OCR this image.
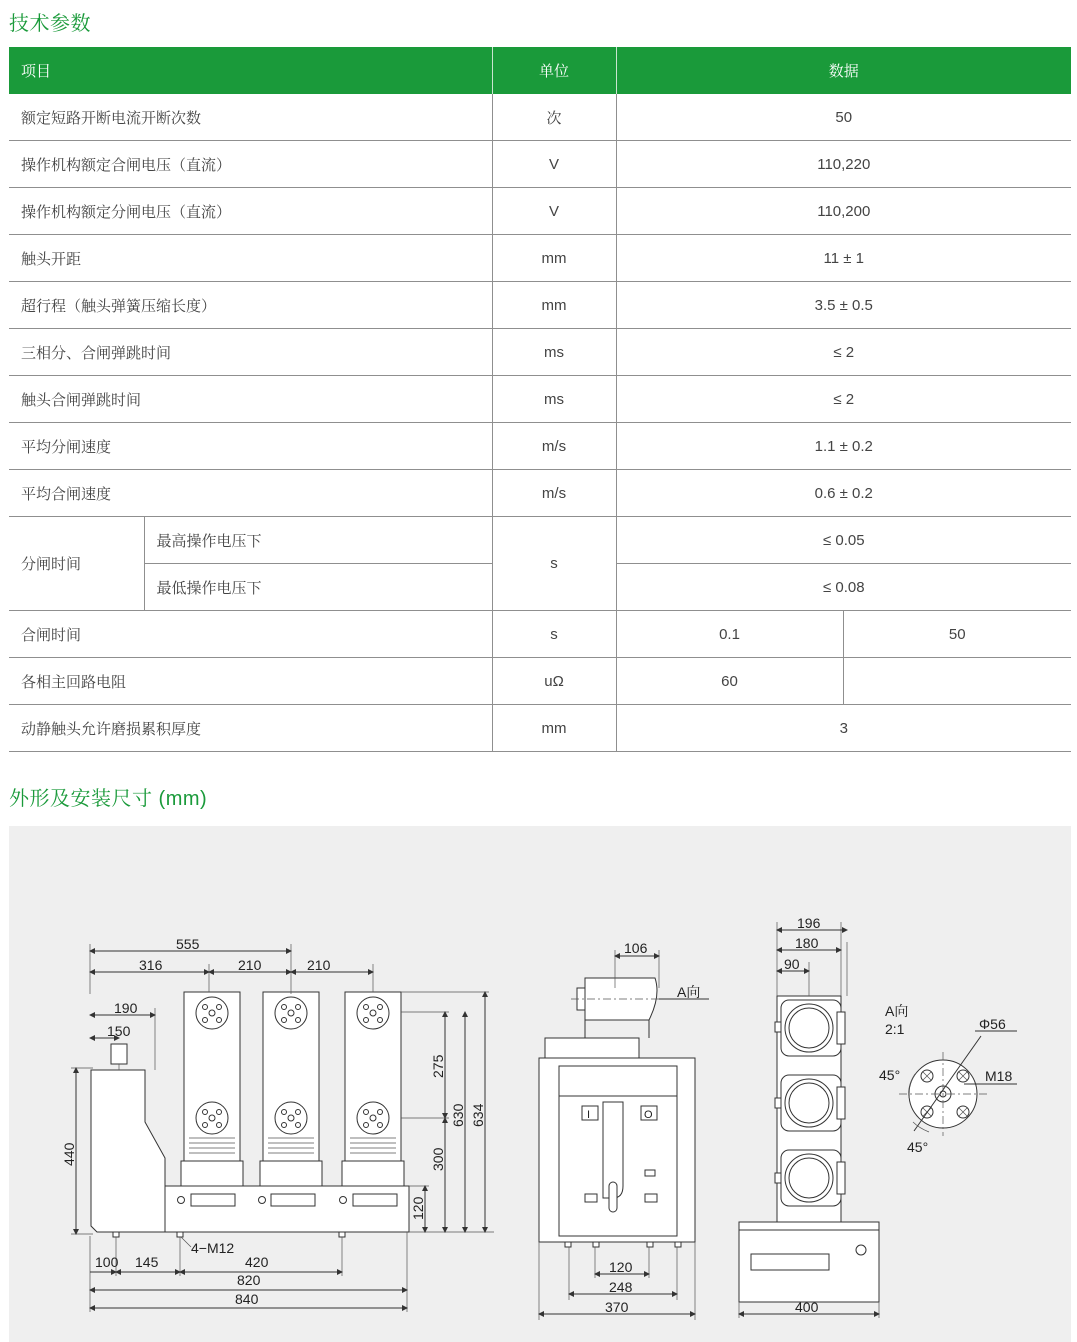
技术参数
项目		单位	数据	
额定短路开断电流开断次数		次	50	
操作机构额定合闸电压（直流）		V	110,220	
操作机构额定分闸电压（直流）		V	110,200	
触头开距		mm	11 ± 1	
超行程（触头弹簧压缩长度）		mm	3.5 ± 0.5	
三相分、合闸弹跳时间		ms	≤ 2	
触头合闸弹跳时间		ms	≤ 2	
平均分闸速度		m/s	1.1 ± 0.2	
平均合闸速度		m/s	0.6 ± 0.2	
分闸时间	最高操作电压下	s	≤ 0.05	
	最低操作电压下		≤ 0.08	
合闸时间		s	0.1	50
各相主回路电阻		uΩ	60	
动静触头允许磨损累积厚度		mm	3	
外形及安装尺寸 (mm)
555
316	210	210
190
150
440
275
300
630 634
120
100 145	420
820
840
4−M12
I	O
106
A向
120
248
370
196
180
90
400
A向
2:1
45°
45°
Φ56
M18
